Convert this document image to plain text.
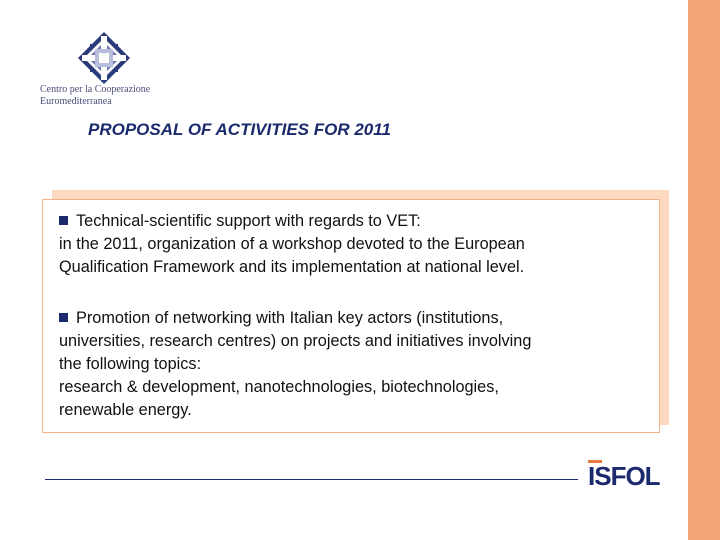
Centro per la Cooperazione
Euromediterranea
PROPOSAL OF ACTIVITIES FOR 2011
Technical-scientific support with regards to VET:
in the 2011, organization of a workshop devoted to the European
Qualification Framework and its implementation at national level.
Promotion of networking with Italian key actors (institutions,
universities, research centres) on projects and initiatives involving
the following topics:
research & development, nanotechnologies, biotechnologies,
renewable energy.
ISFOL
